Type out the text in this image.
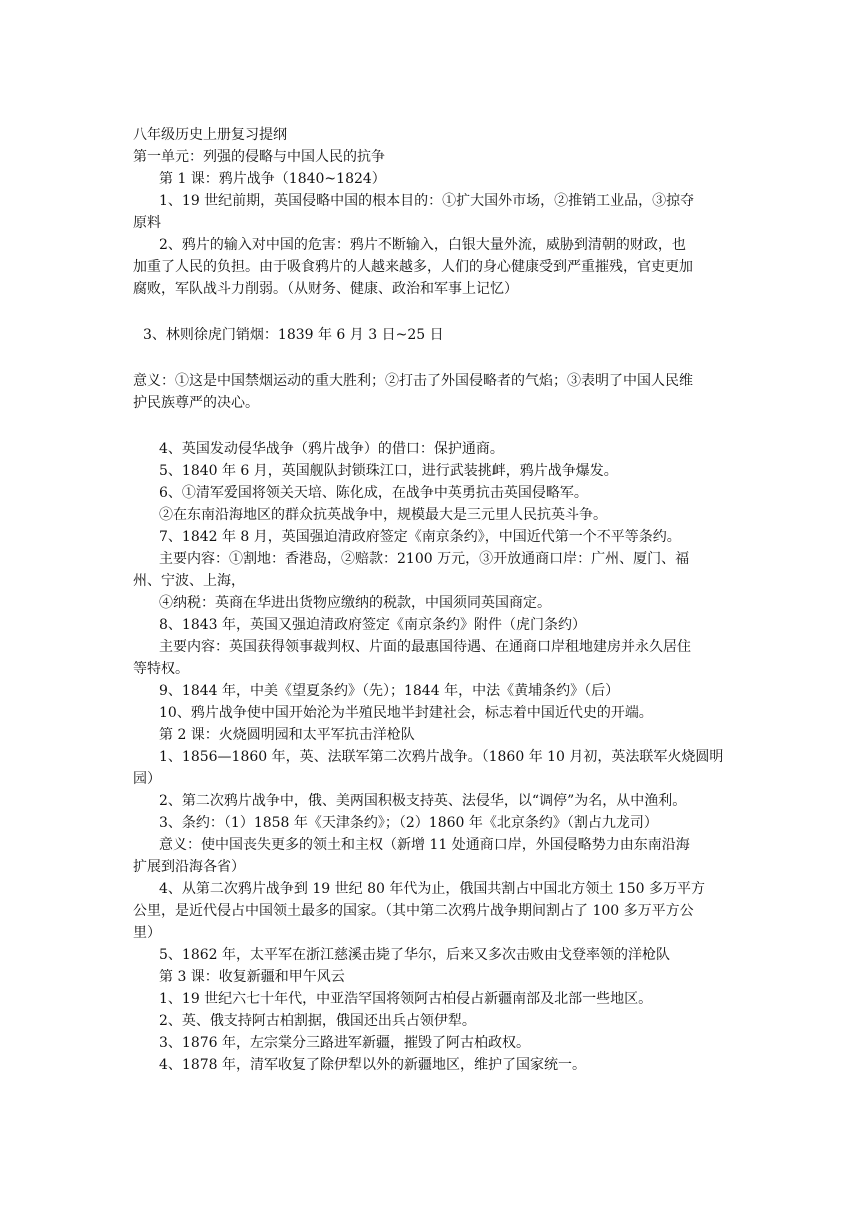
八年级历史上册复习提纲
第一单元：列强的侵略与中国人民的抗争
第 1 课：鸦片战争（1840~1824）
1、19 世纪前期，英国侵略中国的根本目的：①扩大国外市场，②推销工业品，③掠夺
原料
2、鸦片的输入对中国的危害：鸦片不断输入，白银大量外流，威胁到清朝的财政，也
加重了人民的负担。由于吸食鸦片的人越来越多，人们的身心健康受到严重摧残，官吏更加
腐败，军队战斗力削弱。（从财务、健康、政治和军事上记忆）
3、林则徐虎门销烟：1839 年 6 月 3 日~25 日
意义：①这是中国禁烟运动的重大胜利；②打击了外国侵略者的气焰；③表明了中国人民维
护民族尊严的决心。
4、英国发动侵华战争（鸦片战争）的借口：保护通商。
5、1840 年 6 月，英国舰队封锁珠江口，进行武装挑衅，鸦片战争爆发。
6、①清军爱国将领关天培、陈化成，在战争中英勇抗击英国侵略军。
②在东南沿海地区的群众抗英战争中，规模最大是三元里人民抗英斗争。
7、1842 年 8 月，英国强迫清政府签定《南京条约》，中国近代第一个不平等条约。
主要内容：①割地：香港岛，②赔款：2100 万元，③开放通商口岸：广州、厦门、福
州、宁波、上海，
④纳税：英商在华进出货物应缴纳的税款，中国须同英国商定。
8、1843 年，英国又强迫清政府签定《南京条约》附件（虎门条约）
主要内容：英国获得领事裁判权、片面的最惠国待遇、在通商口岸租地建房并永久居住
等特权。
9、1844 年，中美《望夏条约》（先）；1844 年，中法《黄埔条约》（后）
10、鸦片战争使中国开始沦为半殖民地半封建社会，标志着中国近代史的开端。
第 2 课：火烧圆明园和太平军抗击洋枪队
1、1856—1860 年，英、法联军第二次鸦片战争。（1860 年 10 月初，英法联军火烧圆明
园）
2、第二次鸦片战争中，俄、美两国积极支持英、法侵华，以“调停”为名，从中渔利。
3、条约：（1）1858 年《天津条约》；（2）1860 年《北京条约》（割占九龙司）
意义：使中国丧失更多的领土和主权（新增 11 处通商口岸，外国侵略势力由东南沿海
扩展到沿海各省）
4、从第二次鸦片战争到 19 世纪 80 年代为止，俄国共割占中国北方领土 150 多万平方
公里，是近代侵占中国领土最多的国家。（其中第二次鸦片战争期间割占了 100 多万平方公
里）
5、1862 年，太平军在浙江慈溪击毙了华尔，后来又多次击败由戈登率领的洋枪队
第 3 课：收复新疆和甲午风云
1、19 世纪六七十年代，中亚浩罕国将领阿古柏侵占新疆南部及北部一些地区。
2、英、俄支持阿古柏割据，俄国还出兵占领伊犁。
3、1876 年，左宗棠分三路进军新疆，摧毁了阿古柏政权。
4、1878 年，清军收复了除伊犁以外的新疆地区，维护了国家统一。
